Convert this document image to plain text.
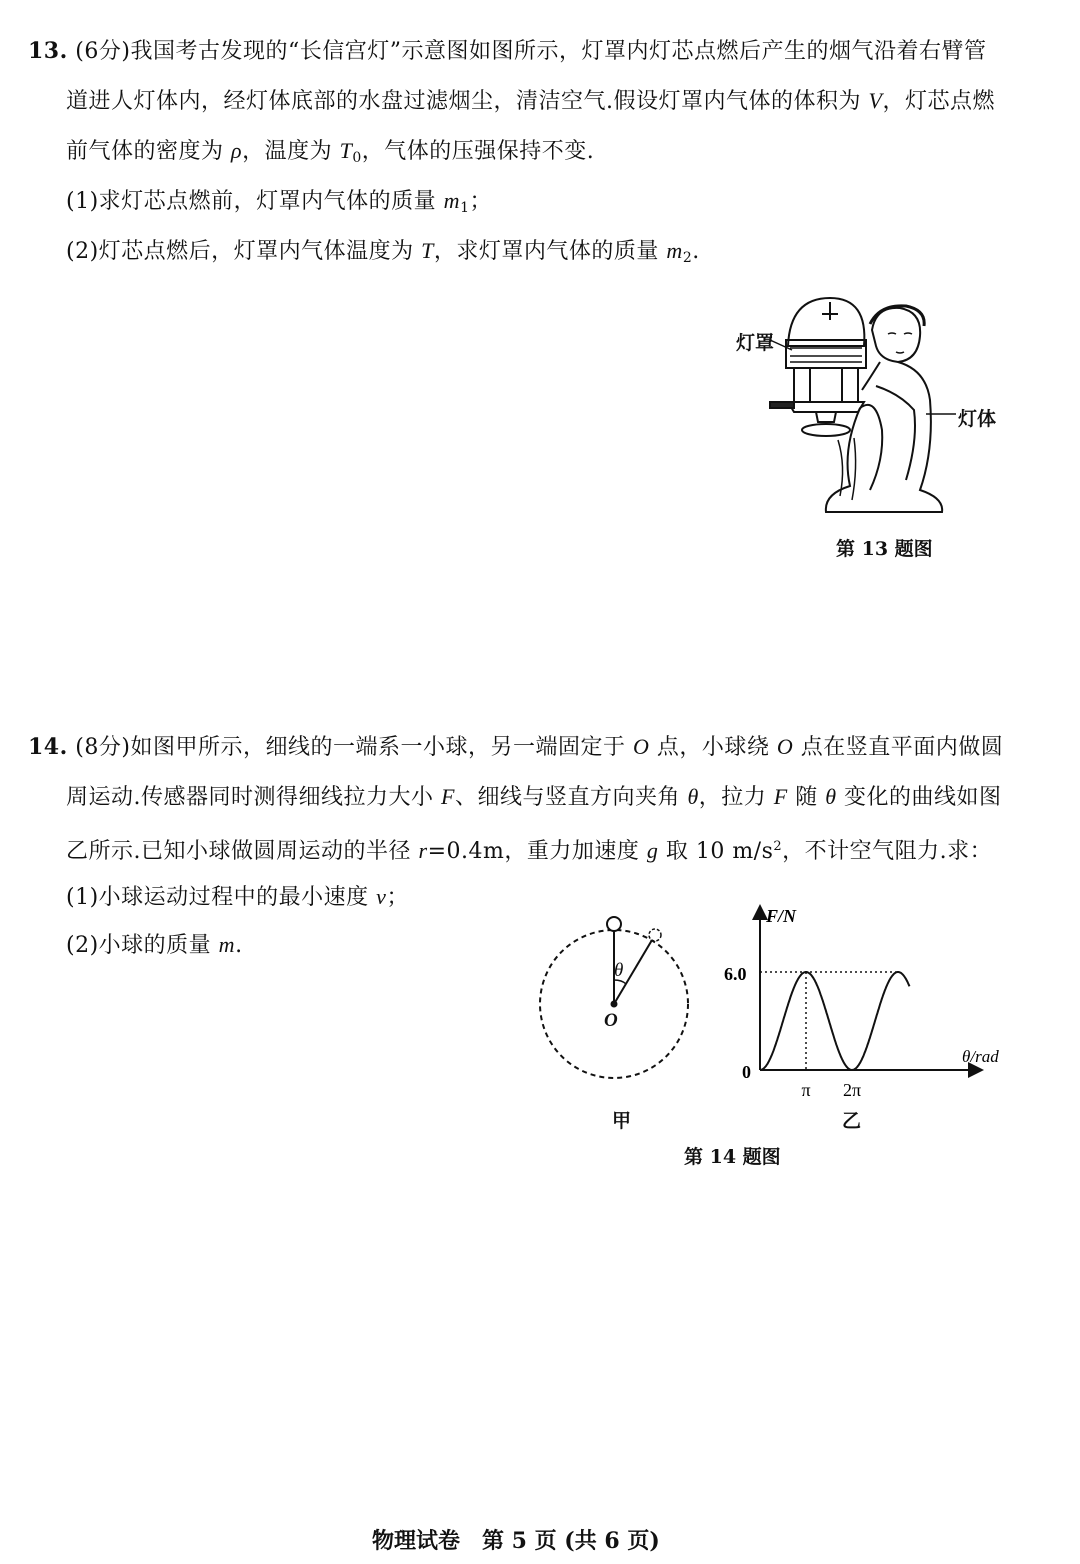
13. (6分)我国考古发现的“长信宫灯”示意图如图所示，灯罩内灯芯点燃后产生的烟气沿着右臂管
道进人灯体内，经灯体底部的水盘过滤烟尘，清洁空气.假设灯罩内气体的体积为 V，灯芯点燃
前气体的密度为 ρ，温度为 $T_0$，气体的压强保持不变.
(1)求灯芯点燃前，灯罩内气体的质量 $m_1$；
(2)灯芯点燃后，灯罩内气体温度为 T，求灯罩内气体的质量 $m_2$.
灯罩
灯体
第 13 题图
14. (8分)如图甲所示，细线的一端系一小球，另一端固定于 O 点，小球绕 O 点在竖直平面内做圆
周运动.传感器同时测得细线拉力大小 F、细线与竖直方向夹角 θ，拉力 F 随 θ 变化的曲线如图
乙所示.已知小球做圆周运动的半径 r=0.4m，重力加速度 g 取 10 $m/s^2$，不计空气阻力.求：
(1)小球运动过程中的最小速度 v；
(2)小球的质量 m.
θ
O
甲
F/N
θ/rad
0
6.0
π 2π
乙
第 14 题图
物理试卷　第 5 页 (共 6 页)
